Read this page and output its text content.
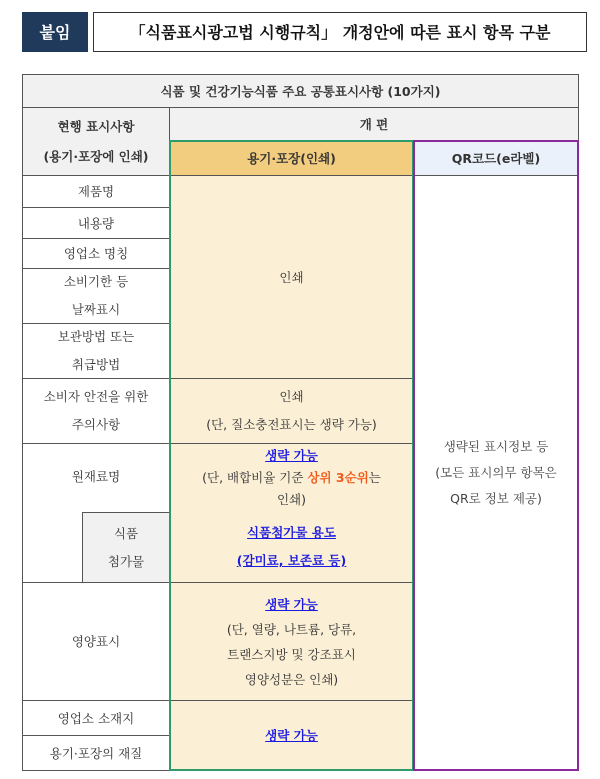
붙임	「식품표시광고법 시행규칙」 개정안에 따른 표시 항목 구분
식품 및 건강기능식품 주요 공통표시사항 (10가지)
현행 표시사항
(용기·포장에 인쇄)
개 편
용기·포장(인쇄)	QR코드(e라벨)
제품명
내용량
영업소 명칭
소비기한 등
날짜표시
보관방법 또는
취급방법
소비자 안전을 위한
주의사항
원재료명
식품
첨가물
영양표시
영업소 소재지
용기·포장의 재질
인쇄
인쇄
(단, 질소충전표시는 생략 가능)
생략 가능
(단, 배합비율 기준 상위 3순위는
인쇄)
식품첨가물 용도
(감미료, 보존료 등)
생략 가능
(단, 열량, 나트륨, 당류,
트랜스지방 및 강조표시
영양성분은 인쇄)
생략 가능
생략된 표시정보 등
(모든 표시의무 항목은
QR로 정보 제공)
